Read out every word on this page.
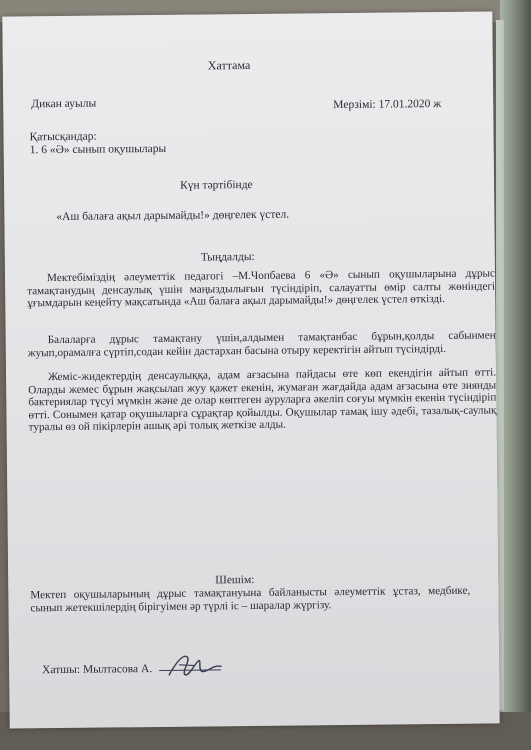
Хаттама
Дикан ауылы	Мерзімі: 17.01.2020 ж
Қатысқандар:
1. 6 «Ә» сынып оқушылары
Күн тәртібінде
«Аш балаға ақыл дарымайды!» дөңгелек үстел.
Тыңдалды:
Мектебіміздің әлеуметтік педагогі –М.Чопбаева 6 «Ә» сынып оқушыларына дұрыс тамақтанудың денсаулық үшін маңыздылығын түсіндіріп, салауатты өмір салты жөніндегі ұғымдарын кеңейту мақсатында «Аш балаға ақыл дарымайды!» дөңгелек үстел өткізді.
Балаларға дұрыс тамақтану үшін,алдымен тамақтанбас бұрын,қолды сабынмен жуып,орамалға сүртіп,содан кейін дастархан басына отыру керектігін айтып түсіндірді.
Жеміс-жидектердің денсаулыққа, адам ағзасына пайдасы өте көп екендігін айтып өтті. Оларды жемес бұрын жақсылап жуу қажет екенін, жумаған жағдайда адам ағзасына өте зиянды бактериялар түсуі мүмкін және де олар көптеген ауруларға әкеліп соғуы мүмкін екенін түсіндіріп өтті. Сонымен қатар оқушыларға сұрақтар қойылды. Оқушылар тамақ ішу әдебі, тазалық-саулық туралы өз ой пікірлерін ашық әрі толық жеткізе алды.
Шешім:
Мектеп оқушыларының дұрыс тамақтануына байланысты әлеуметтік ұстаз, медбике, сынып жетекшілердің бірігуімен әр түрлі іс – шаралар жүргізу.
Хатшы: Мылтасова А.
